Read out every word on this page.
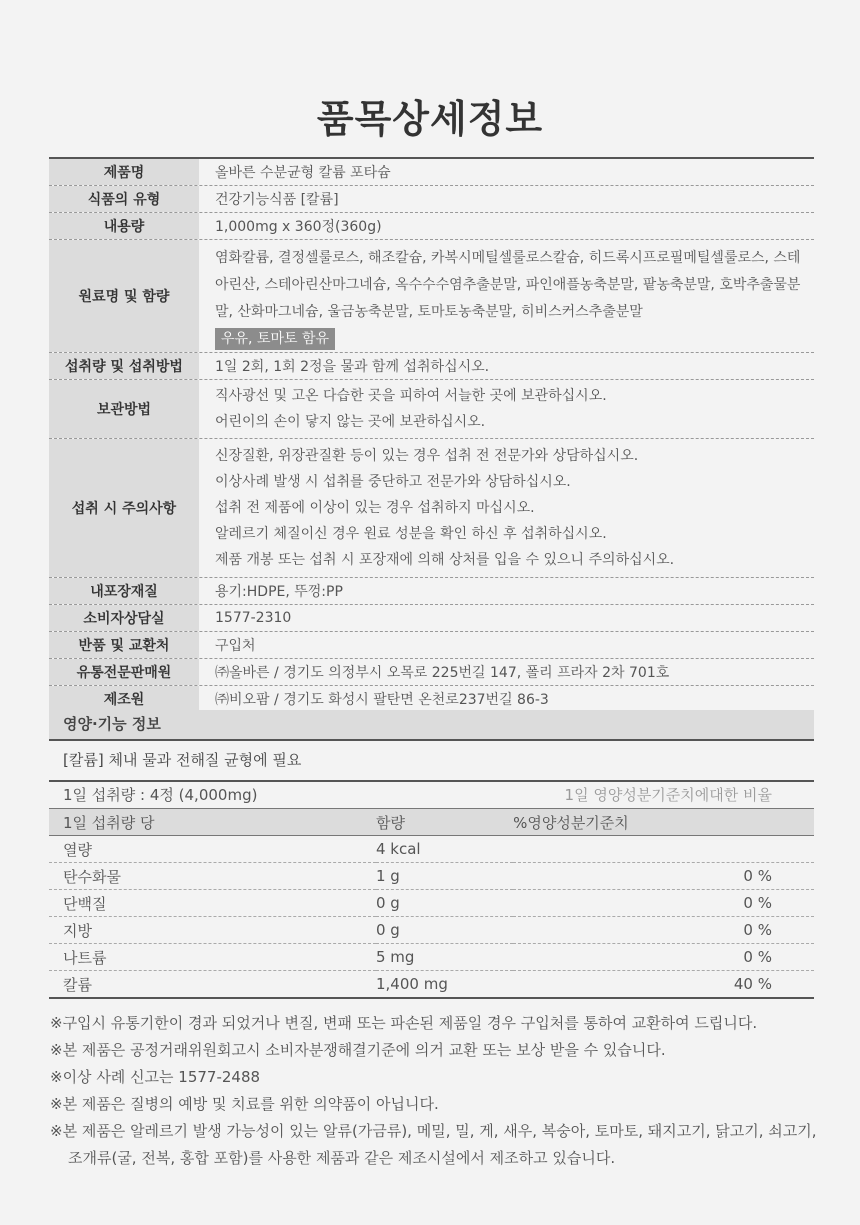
품목상세정보
제품명	올바른 수분균형 칼륨 포타슘
식품의 유형	건강기능식품 [칼륨]
내용량	1,000mg x 360정(360g)
원료명 및 함량
염화칼륨, 결정셀룰로스, 해조칼슘, 카복시메틸셀룰로스칼슘, 히드록시프로필메틸셀룰로스, 스테아린산, 스테아린산마그네슘, 옥수수수염추출분말, 파인애플농축분말, 팥농축분말, 호박추출물분말, 산화마그네슘, 울금농축분말, 토마토농축분말, 히비스커스추출분말
우유, 토마토 함유
섭취량 및 섭취방법	1일 2회, 1회 2정을 물과 함께 섭취하십시오.
보관방법
직사광선 및 고온 다습한 곳을 피하여 서늘한 곳에 보관하십시오.
어린이의 손이 닿지 않는 곳에 보관하십시오.
섭취 시 주의사항
신장질환, 위장관질환 등이 있는 경우 섭취 전 전문가와 상담하십시오.
이상사례 발생 시 섭취를 중단하고 전문가와 상담하십시오.
섭취 전 제품에 이상이 있는 경우 섭취하지 마십시오.
알레르기 체질이신 경우 원료 성분을 확인 하신 후 섭취하십시오.
제품 개봉 또는 섭취 시 포장재에 의해 상처를 입을 수 있으니 주의하십시오.
내포장재질	용기:HDPE, 뚜껑:PP
소비자상담실	1577-2310
반품 및 교환처	구입처
유통전문판매원	㈜올바른 / 경기도 의정부시 오목로 225번길 147, 폴리 프라자 2차 701호
제조원	㈜비오팜 / 경기도 화성시 팔탄면 온천로237번길 86-3
영양·기능 정보
[칼륨] 체내 물과 전해질 균형에 필요
1일 섭취량 : 4정 (4,000mg)	1일 영양성분기준치에대한 비율
1일 섭취량 당	함량	%영양성분기준치
열량	4 kcal	
탄수화물	1 g	0 %
단백질	0 g	0 %
지방	0 g	0 %
나트륨	5 mg	0 %
칼륨	1,400 mg	40 %
※구입시 유통기한이 경과 되었거나 변질, 변패 또는 파손된 제품일 경우 구입처를 통하여 교환하여 드립니다.
※본 제품은 공정거래위원회고시 소비자분쟁해결기준에 의거 교환 또는 보상 받을 수 있습니다.
※이상 사례 신고는 1577-2488
※본 제품은 질병의 예방 및 치료를 위한 의약품이 아닙니다.
※본 제품은 알레르기 발생 가능성이 있는 알류(가금류), 메밀, 밀, 게, 새우, 복숭아, 토마토, 돼지고기, 닭고기, 쇠고기, 조개류(굴, 전복, 홍합 포함)를 사용한 제품과 같은 제조시설에서 제조하고 있습니다.
